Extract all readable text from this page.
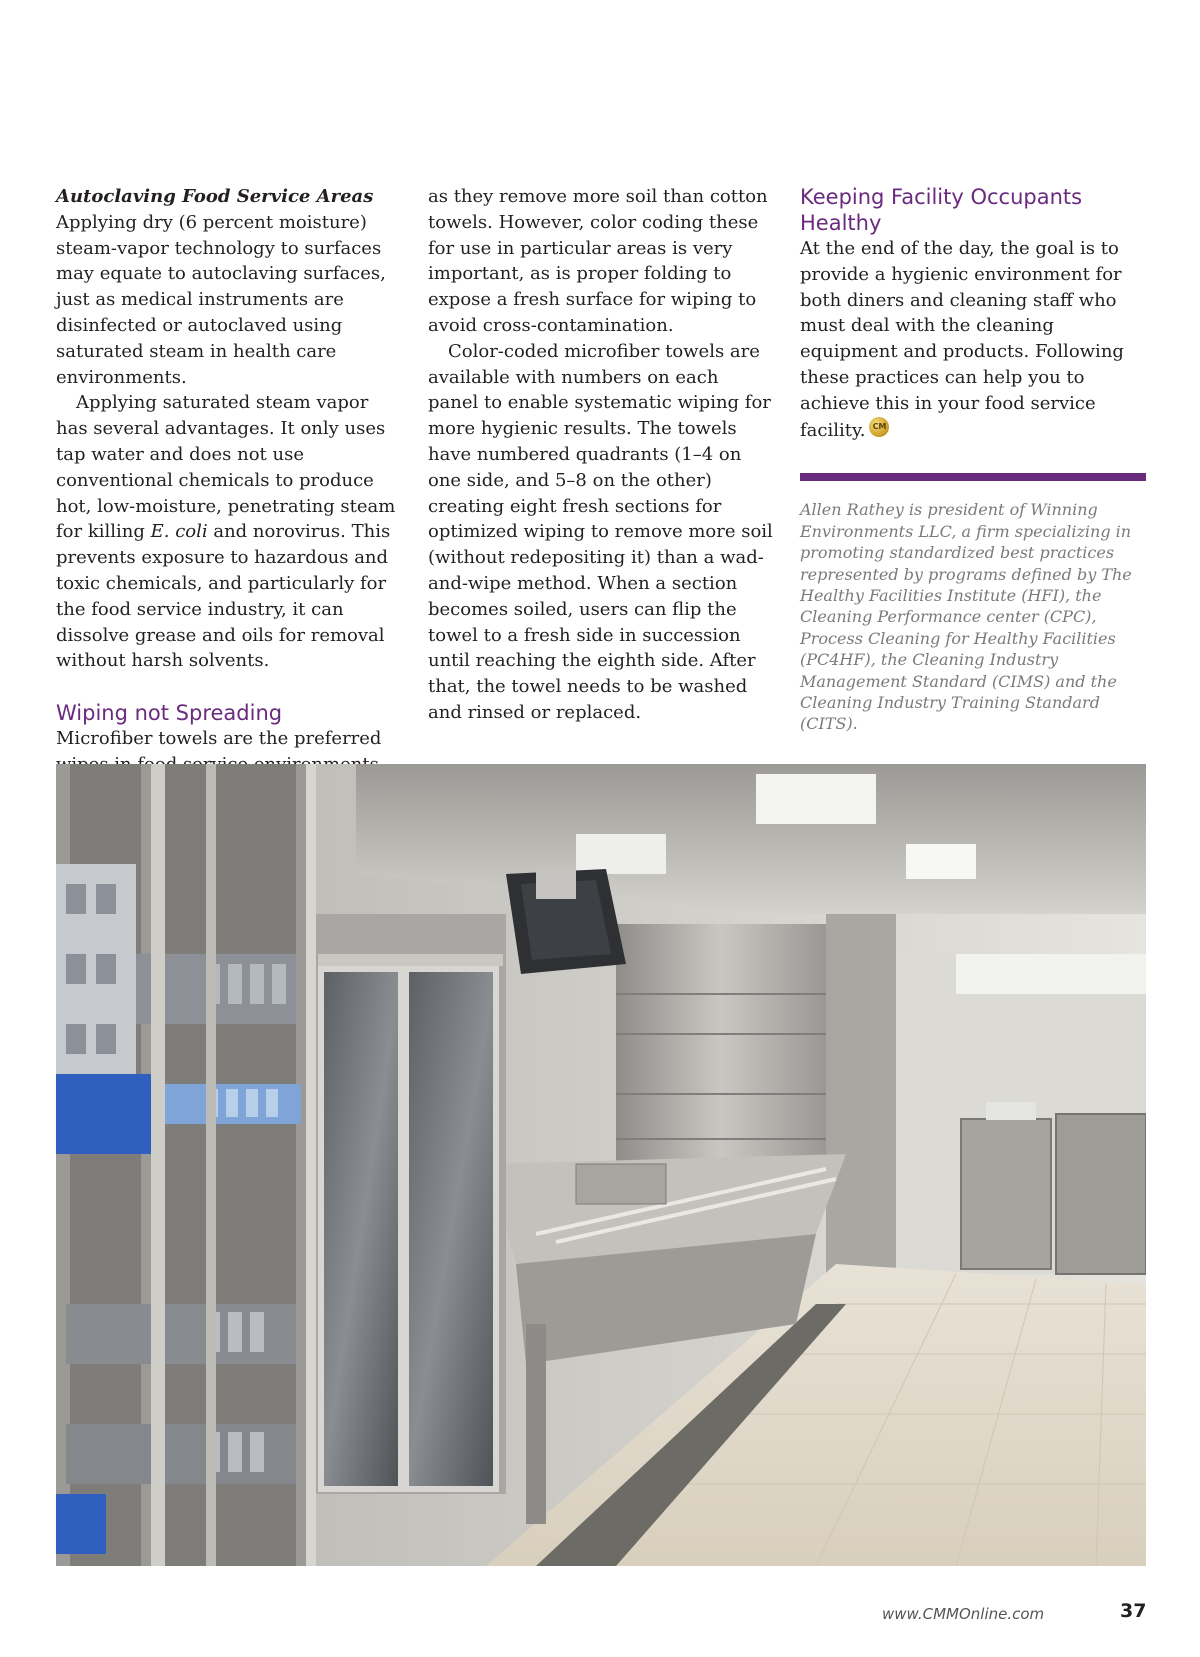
Autoclaving Food Service Areas

Applying dry (6 percent moisture) steam-vapor technology to surfaces may equate to autoclaving surfaces, just as medical instruments are disinfected or autoclaved using saturated steam in health care environments.

Applying saturated steam vapor has several advantages. It only uses tap water and does not use conventional chemicals to produce hot, low-moisture, penetrating steam for killing E. coli and norovirus. This prevents exposure to hazardous and toxic chemicals, and particularly for the food service industry, it can dissolve grease and oils for removal without harsh solvents.

Wiping not Spreading

Microfiber towels are the preferred

as they remove more soil than cotton towels. However, color coding these for use in particular areas is very important, as is proper folding to expose a fresh surface for wiping to avoid cross-contamination.

Color-coded microfiber towels are available with numbers on each panel to enable systematic wiping for more hygienic results. The towels have numbered quadrants (1–4 on one side, and 5–8 on the other) creating eight fresh sections for optimized wiping to remove more soil (without redepositing it) than a wad-and-wipe method. When a section becomes soiled, users can flip the towel to a fresh side in succession until reaching the eighth side. After that, the towel needs to be washed and rinsed or replaced.

Keeping Facility Occupants Healthy

At the end of the day, the goal is to provide a hygienic environment for both diners and cleaning staff who must deal with the cleaning equipment and products. Following these practices can help you to achieve this in your food service facility. CM

Allen Rathey is president of Winning Environments LLC, a firm specializing in promoting standardized best practices represented by programs defined by The Healthy Facilities Institute (HFI), the Cleaning Performance center (CPC), Process Cleaning for Healthy Facilities (PC4HF), the Cleaning Industry Management Standard (CIMS) and the Cleaning Industry Training Standard (CITS).

www.CMMOnline.com	37
